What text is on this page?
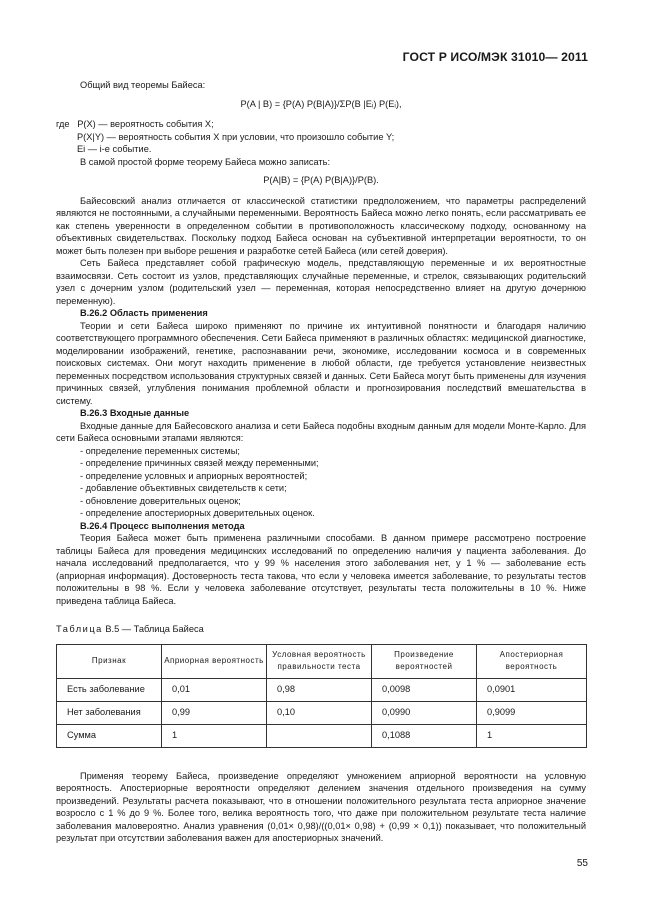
ГОСТ Р ИСО/МЭК 31010— 2011

Общий вид теоремы Байеса:

P(A | B) = {P(A) P(B|A)}/ΣP(B |Eᵢ) P(Eᵢ),

где P(X) — вероятность события X;
P(X|Y) — вероятность события X при условии, что произошло событие Y;
Ei — i-e событие.

В самой простой форме теорему Байеса можно записать:

P(A|B) = {P(A) P(B|A)}/P(B).

Байесовский анализ отличается от классической статистики предположением, что параметры распределений являются не постоянными, а случайными переменными. Вероятность Байеса можно легко понять, если рассматривать ее как степень уверенности в определенном событии в противоположность классическому подходу, основанному на объективных свидетельствах. Поскольку подход Байеса основан на субъективной интерпретации вероятности, то он может быть полезен при выборе решения и разработке сетей Байеса (или сетей доверия).

Сеть Байеса представляет собой графическую модель, представляющую переменные и их вероятностные взаимосвязи. Сеть состоит из узлов, представляющих случайные переменные, и стрелок, связывающих родительский узел с дочерним узлом (родительский узел — переменная, которая непосредственно влияет на другую дочернюю переменную).

B.26.2 Область применения

Теории и сети Байеса широко применяют по причине их интуитивной понятности и благодаря наличию соответствующего программного обеспечения. Сети Байеса применяют в различных областях: медицинской диагностике, моделировании изображений, генетике, распознавании речи, экономике, исследовании космоса и в современных поисковых системах. Они могут находить применение в любой области, где требуется установление неизвестных переменных посредством использования структурных связей и данных. Сети Байеса могут быть применены для изучения причинных связей, углубления понимания проблемной области и прогнозирования последствий вмешательства в систему.

B.26.3 Входные данные

Входные данные для Байесовского анализа и сети Байеса подобны входным данным для модели Монте-Карло. Для сети Байеса основными этапами являются:

- определение переменных системы;

- определение причинных связей между переменными;

- определение условных и априорных вероятностей;

- добавление объективных свидетельств к сети;

- обновление доверительных оценок;

- определение апостериорных доверительных оценок.

B.26.4 Процесс выполнения метода

Теория Байеса может быть применена различными способами. В данном примере рассмотрено построение таблицы Байеса для проведения медицинских исследований по определению наличия у пациента заболевания. До начала исследований предполагается, что у 99 % населения этого заболевания нет, у 1 % — заболевание есть (априорная информация). Достоверность теста такова, что если у человека имеется заболевание, то результаты тестов положительны в 98 %. Если у человека заболевание отсутствует, результаты теста положительны в 10 %. Ниже приведена таблица Байеса.

Таблица B.5 — Таблица Байеса

Признак	Априорная вероятность	Условная вероятность правильности теста	Произведение вероятностей	Апостериорная вероятность
Есть заболевание	0,01	0,98	0,0098	0,0901
Нет заболевания	0,99	0,10	0,0990	0,9099
Сумма	1		0,1088	1

Применяя теорему Байеса, произведение определяют умножением априорной вероятности на условную вероятность. Апостериорные вероятности определяют делением значения отдельного произведения на сумму произведений. Результаты расчета показывают, что в отношении положительного результата теста априорное значение возросло с 1 % до 9 %. Более того, велика вероятность того, что даже при положительном результате теста наличие заболевания маловероятно. Анализ уравнения (0,01× 0,98)/((0,01× 0,98) + (0,99 × 0,1)) показывает, что положительный результат при отсутствии заболевания важен для апостериорных значений.

55
